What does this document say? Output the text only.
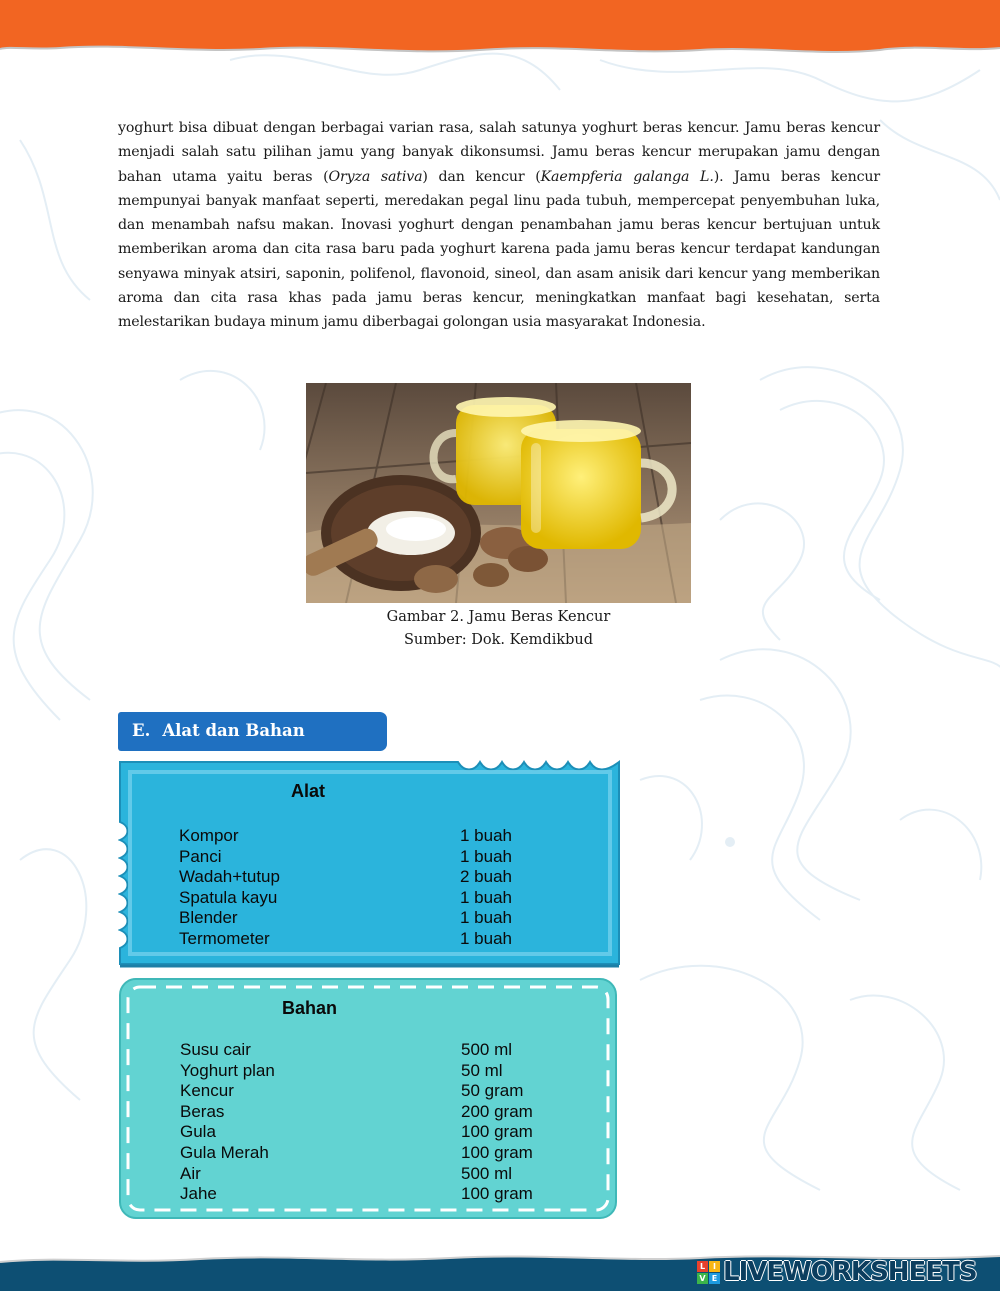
yoghurt bisa dibuat dengan berbagai varian rasa, salah satunya yoghurt beras kencur. Jamu beras kencur menjadi salah satu pilihan jamu yang banyak dikonsumsi. Jamu beras kencur merupakan jamu dengan bahan utama yaitu beras (Oryza sativa) dan kencur (Kaempferia galanga L.). Jamu beras kencur mempunyai banyak manfaat seperti, meredakan pegal linu pada tubuh, mempercepat penyembuhan luka, dan menambah nafsu makan. Inovasi yoghurt dengan penambahan jamu beras kencur bertujuan untuk memberikan aroma dan cita rasa baru pada yoghurt karena pada jamu beras kencur terdapat kandungan senyawa minyak atsiri, saponin, polifenol, flavonoid, sineol, dan asam anisik dari kencur yang memberikan aroma dan cita rasa khas pada jamu beras kencur, meningkatkan manfaat bagi kesehatan, serta melestarikan budaya minum jamu diberbagai golongan usia masyarakat Indonesia.
Gambar 2. Jamu Beras Kencur
Sumber: Dok. Kemdikbud
E. Alat dan Bahan
Alat
Kompor	1 buah
Panci	1 buah
Wadah+tutup	2 buah
Spatula kayu	1 buah
Blender	1 buah
Termometer	1 buah
Bahan
Susu cair	500 ml
Yoghurt plan	50 ml
Kencur	50 gram
Beras	200 gram
Gula	100 gram
Gula Merah	100 gram
Air	500 ml
Jahe	100 gram
L I
V E LIVEWORKSHEETS
